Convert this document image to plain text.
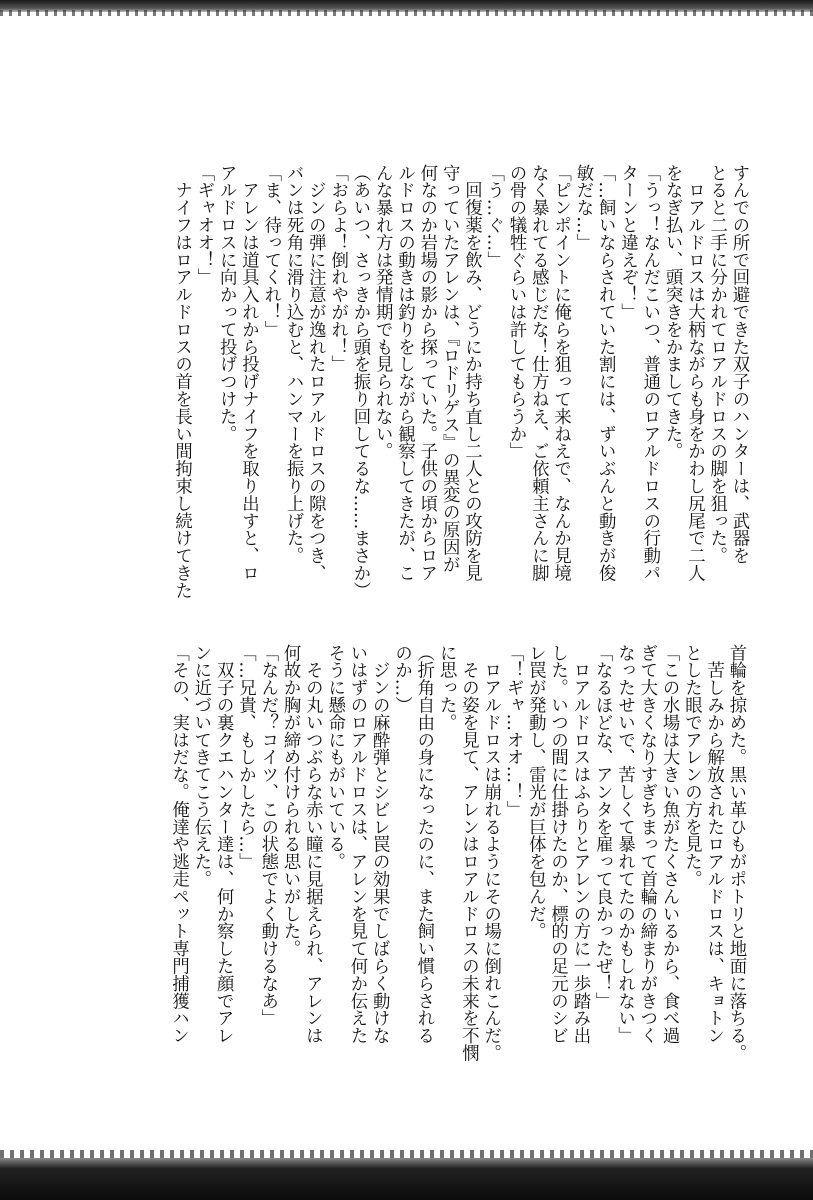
すんでの所で回避できた双子のハンターは、武器を
とると二手に分かれてロアルドロスの脚を狙った。
　ロアルドロスは大柄ながらも身をかわし尻尾で二人
をなぎ払い、頭突きをかましてきた。
「うっ！なんだこいつ、普通のロアルドロスの行動パ
ターンと違えぞ！」
「…飼いならされていた割には、ずいぶんと動きが俊
敏だな…」
「ピンポイントに俺らを狙って来ねえで、なんか見境
なく暴れてる感じだな！仕方ねえ、ご依頼主さんに脚
の骨の犠牲ぐらいは許してもらうか」
「う…ぐ…」
　回復薬を飲み、どうにか持ち直し二人との攻防を見
守っていたアレンは、『ロドリゲス』の異変の原因が
何なのか岩場の影から探っていた。子供の頃からロア
ルドロスの動きは釣りをしながら観察してきたが、こ
んな暴れ方は発情期でも見られない。
（あいつ、さっきから頭を振り回してるな……まさか）
「おらよ！倒れやがれ！」
　ジンの弾に注意が逸れたロアルドロスの隙をつき、
バンは死角に滑り込むと、ハンマーを振り上げた。
「ま、待ってくれ！」
　アレンは道具入れから投げナイフを取り出すと、ロ
アルドロスに向かって投げつけた。
「ギャオオ！」
　ナイフはロアルドロスの首を長い間拘束し続けてきた
首輪を掠めた。黒い革ひもがポトリと地面に落ちる。
　苦しみから解放されたロアルドロスは、キョトン
とした眼でアレンの方を見た。
「この水場は大きい魚がたくさんいるから、食べ過
ぎて大きくなりすぎちまって首輪の締まりがきつく
なったせいで、苦しくて暴れてたのかもしれない」
「なるほどな、アンタを雇って良かったぜ！」
　ロアルドロスはふらりとアレンの方に一歩踏み出
した。いつの間に仕掛けたのか、標的の足元のシビ
レ罠が発動し、雷光が巨体を包んだ。
「！ギャ…オオ…！」
　ロアルドロスは崩れるようにその場に倒れこんだ。
　その姿を見て、アレンはロアルドロスの未来を不憫
に思った。
（折角自由の身になったのに、また飼い慣らされる
のか…）
　ジンの麻酔弾とシビレ罠の効果でしばらく動けな
いはずのロアルドロスは、アレンを見て何か伝えた
そうに懸命にもがいている。
　その丸いつぶらな赤い瞳に見据えられ、アレンは
何故か胸が締め付けられる思いがした。
「なんだ？コイツ、この状態でよく動けるなあ」
「…兄貴、もしかしたら…」
　双子の裏クエハンター達は、何か察した顔でアレ
ンに近づいてきてこう伝えた。
「その、実はだな。俺達や逃走ペット専門捕獲ハン
